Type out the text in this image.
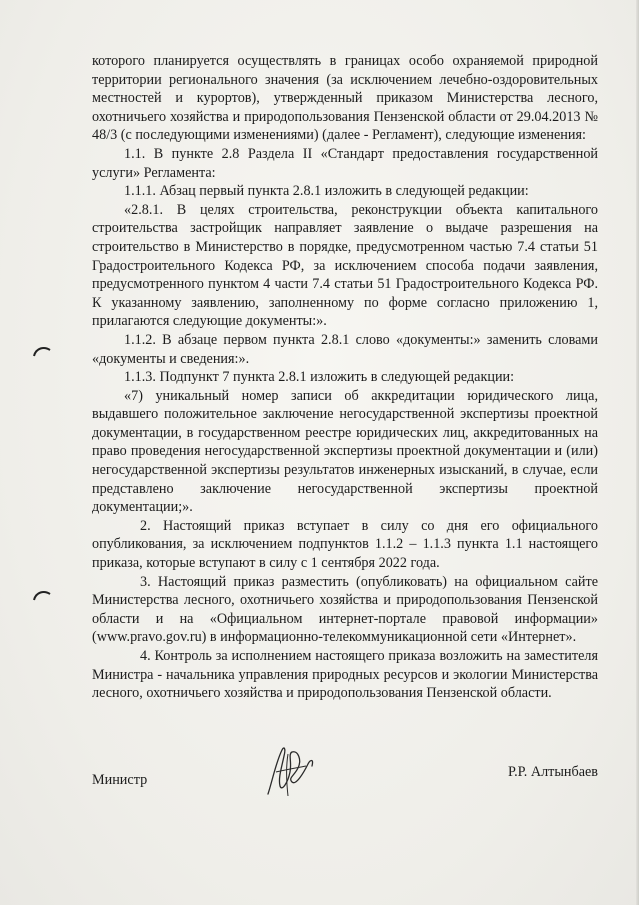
которого планируется осуществлять в границах особо охраняемой природной территории регионального значения (за исключением лечебно-оздоровительных местностей и курортов), утвержденный приказом Министерства лесного, охотничьего хозяйства и природопользования Пензенской области от 29.04.2013 № 48/3 (с последующими изменениями) (далее - Регламент), следующие изменения:

1.1. В пункте 2.8 Раздела II «Стандарт предоставления государственной услуги» Регламента:

1.1.1. Абзац первый пункта 2.8.1 изложить в следующей редакции:

«2.8.1. В целях строительства, реконструкции объекта капитального строительства застройщик направляет заявление о выдаче разрешения на строительство в Министерство в порядке, предусмотренном частью 7.4 статьи 51 Градостроительного Кодекса РФ, за исключением способа подачи заявления, предусмотренного пунктом 4 части 7.4 статьи 51 Градостроительного Кодекса РФ. К указанному заявлению, заполненному по форме согласно приложению 1, прилагаются следующие документы:».

1.1.2. В абзаце первом пункта 2.8.1 слово «документы:» заменить словами «документы и сведения:».

1.1.3. Подпункт 7 пункта 2.8.1 изложить в следующей редакции:

«7) уникальный номер записи об аккредитации юридического лица, выдавшего положительное заключение негосударственной экспертизы проектной документации, в государственном реестре юридических лиц, аккредитованных на право проведения негосударственной экспертизы проектной документации и (или) негосударственной экспертизы результатов инженерных изысканий, в случае, если представлено заключение негосударственной экспертизы проектной документации;».

2. Настоящий приказ вступает в силу со дня его официального опубликования, за исключением подпунктов 1.1.2 – 1.1.3 пункта 1.1 настоящего приказа, которые вступают в силу с 1 сентября 2022 года.

3. Настоящий приказ разместить (опубликовать) на официальном сайте Министерства лесного, охотничьего хозяйства и природопользования Пензенской области и на «Официальном интернет-портале правовой информации» (www.pravo.gov.ru) в информационно-телекоммуникационной сети «Интернет».

4. Контроль за исполнением настоящего приказа возложить на заместителя Министра - начальника управления природных ресурсов и экологии Министерства лесного, охотничьего хозяйства и природопользования Пензенской области.

Министр	Р.Р. Алтынбаев
